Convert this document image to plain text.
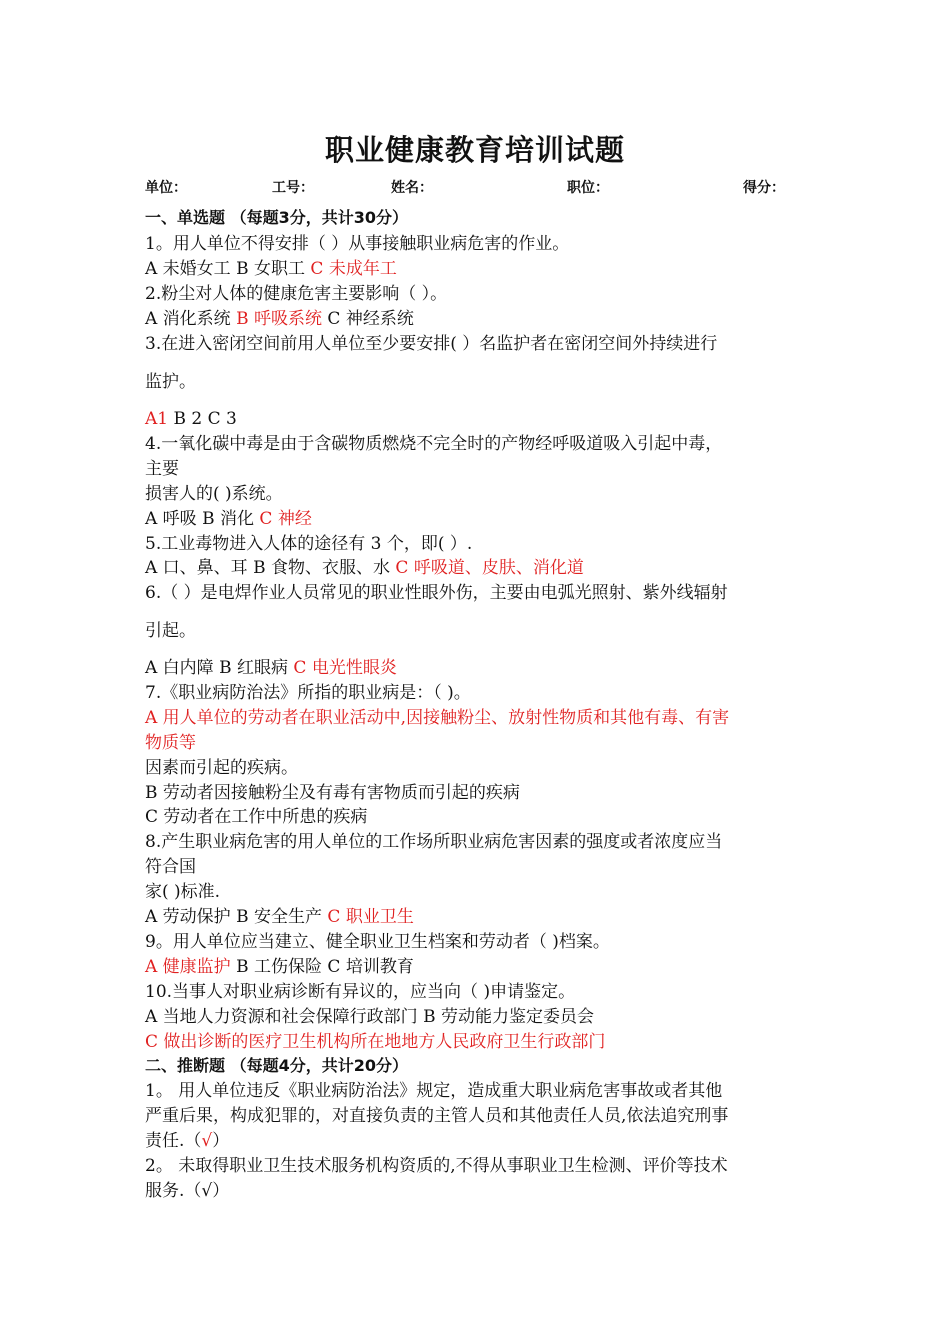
职业健康教育培训试题
单位：	工号：	姓名：	职位：	得分：
一、单选题 （每题3分，共计30分）
1。用人单位不得安排（ ）从事接触职业病危害的作业。
A 未婚女工 B 女职工 C 未成年工
2.粉尘对人体的健康危害主要影响（ ）。
A 消化系统 B 呼吸系统 C 神经系统
3.在进入密闭空间前用人单位至少要安排( ）名监护者在密闭空间外持续进行
监护。
A1 B 2 C 3
4.一氧化碳中毒是由于含碳物质燃烧不完全时的产物经呼吸道吸入引起中毒，
主要
损害人的( )系统。
A 呼吸 B 消化 C 神经
5.工业毒物进入人体的途径有 3 个，即( ）.
A 口、鼻、耳 B 食物、衣服、水 C 呼吸道、皮肤、消化道
6.（ ）是电焊作业人员常见的职业性眼外伤，主要由电弧光照射、紫外线辐射
引起。
A 白内障 B 红眼病 C 电光性眼炎
7.《职业病防治法》所指的职业病是：（ )。
A 用人单位的劳动者在职业活动中,因接触粉尘、放射性物质和其他有毒、有害
物质等
因素而引起的疾病。
B 劳动者因接触粉尘及有毒有害物质而引起的疾病
C 劳动者在工作中所患的疾病
8.产生职业病危害的用人单位的工作场所职业病危害因素的强度或者浓度应当
符合国
家( )标准.
A 劳动保护 B 安全生产 C 职业卫生
9。用人单位应当建立、健全职业卫生档案和劳动者（ )档案。
A 健康监护 B 工伤保险 C 培训教育
10.当事人对职业病诊断有异议的，应当向（ )申请鉴定。
A 当地人力资源和社会保障行政部门 B 劳动能力鉴定委员会
C 做出诊断的医疗卫生机构所在地地方人民政府卫生行政部门
二、推断题 （每题4分，共计20分）
1。 用人单位违反《职业病防治法》规定，造成重大职业病危害事故或者其他
严重后果，构成犯罪的，对直接负责的主管人员和其他责任人员,依法追究刑事
责任.（√）
2。 未取得职业卫生技术服务机构资质的,不得从事职业卫生检测、评价等技术
服务.（√）
